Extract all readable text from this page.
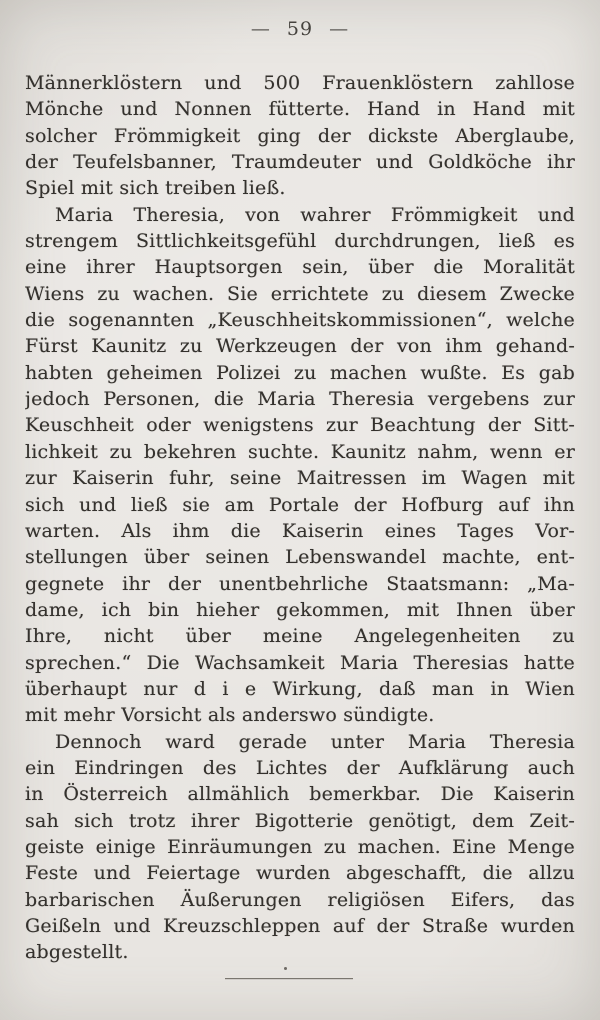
— 59 —
Männerklöstern und 500 Frauenklöstern zahllose
Mönche und Nonnen fütterte. Hand in Hand mit
solcher Frömmigkeit ging der dickste Aberglaube,
der Teufelsbanner, Traumdeuter und Goldköche ihr
Spiel mit sich treiben ließ.
Maria Theresia, von wahrer Frömmigkeit und
strengem Sittlichkeitsgefühl durchdrungen, ließ es
eine ihrer Hauptsorgen sein, über die Moralität
Wiens zu wachen. Sie errichtete zu diesem Zwecke
die sogenannten „Keuschheitskommissionen“, welche
Fürst Kaunitz zu Werkzeugen der von ihm gehand-
habten geheimen Polizei zu machen wußte. Es gab
jedoch Personen, die Maria Theresia vergebens zur
Keuschheit oder wenigstens zur Beachtung der Sitt-
lichkeit zu bekehren suchte. Kaunitz nahm, wenn er
zur Kaiserin fuhr, seine Maitressen im Wagen mit
sich und ließ sie am Portale der Hofburg auf ihn
warten. Als ihm die Kaiserin eines Tages Vor-
stellungen über seinen Lebenswandel machte, ent-
gegnete ihr der unentbehrliche Staatsmann: „Ma-
dame, ich bin hieher gekommen, mit Ihnen über
Ihre, nicht über meine Angelegenheiten zu
sprechen.“ Die Wachsamkeit Maria Theresias hatte
überhaupt nur d i e Wirkung, daß man in Wien
mit mehr Vorsicht als anderswo sündigte.
Dennoch ward gerade unter Maria Theresia
ein Eindringen des Lichtes der Aufklärung auch
in Österreich allmählich bemerkbar. Die Kaiserin
sah sich trotz ihrer Bigotterie genötigt, dem Zeit-
geiste einige Einräumungen zu machen. Eine Menge
Feste und Feiertage wurden abgeschafft, die allzu
barbarischen Äußerungen religiösen Eifers, das
Geißeln und Kreuzschleppen auf der Straße wurden
abgestellt.
